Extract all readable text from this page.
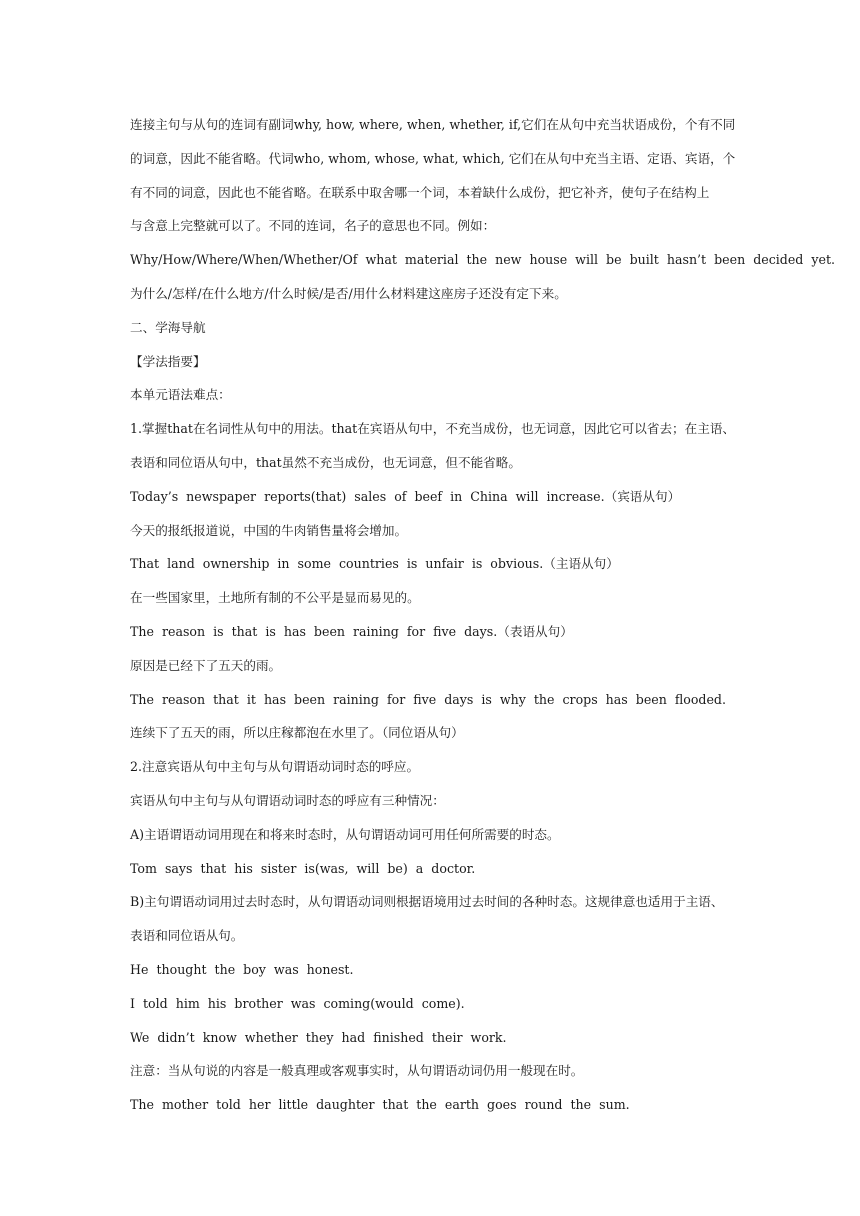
连接主句与从句的连词有副词why, how, where, when, whether, if,它们在从句中充当状语成份，个有不同
的词意，因此不能省略。代词who, whom, whose, what, which, 它们在从句中充当主语、定语、宾语，个
有不同的词意，因此也不能省略。在联系中取舍哪一个词，本着缺什么成份，把它补齐，使句子在结构上
与含意上完整就可以了。不同的连词，名子的意思也不同。例如：
Why/How/Where/When/Whether/Of what material the new house will be built hasn’t been decided yet.
为什么/怎样/在什么地方/什么时候/是否/用什么材料建这座房子还没有定下来。
二、学海导航
【学法指要】
本单元语法难点：
1.掌握that在名词性从句中的用法。that在宾语从句中，不充当成份，也无词意，因此它可以省去；在主语、
表语和同位语从句中，that虽然不充当成份，也无词意，但不能省略。
Today’s newspaper reports(that) sales of beef in China will increase.（宾语从句）
今天的报纸报道说，中国的牛肉销售量将会增加。
That land ownership in some countries is unfair is obvious.（主语从句）
在一些国家里，土地所有制的不公平是显而易见的。
The reason is that is has been raining for five days.（表语从句）
原因是已经下了五天的雨。
The reason that it has been raining for five days is why the crops has been flooded.
连续下了五天的雨，所以庄稼都泡在水里了。（同位语从句）
2.注意宾语从句中主句与从句谓语动词时态的呼应。
宾语从句中主句与从句谓语动词时态的呼应有三种情况：
A)主语谓语动词用现在和将来时态时，从句谓语动词可用任何所需要的时态。
Tom says that his sister is(was, will be) a doctor.
B)主句谓语动词用过去时态时，从句谓语动词则根据语境用过去时间的各种时态。这规律意也适用于主语、
表语和同位语从句。
He thought the boy was honest.
I told him his brother was coming(would come).
We didn’t know whether they had finished their work.
注意：当从句说的内容是一般真理或客观事实时，从句谓语动词仍用一般现在时。
The mother told her little daughter that the earth goes round the sum.
